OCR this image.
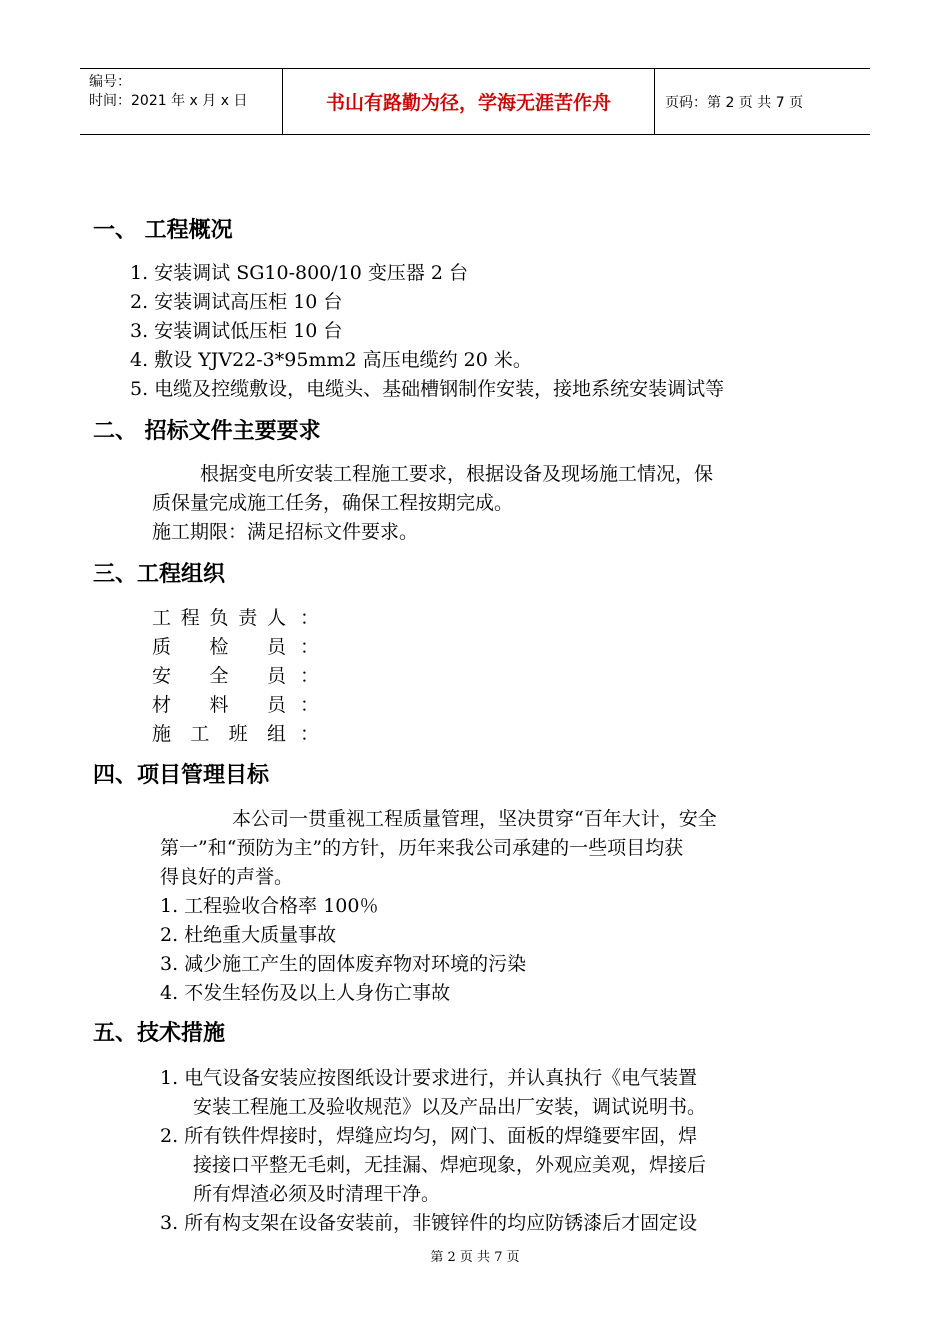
编号：
时间：2021 年 x 月 x 日	书山有路勤为径，学海无涯苦作舟	页码：第 2 页 共 7 页
一、 工程概况
1. 安装调试 SG10-800/10 变压器 2 台
2. 安装调试高压柜 10 台
3. 安装调试低压柜 10 台
4. 敷设 YJV22-3*95mm2 高压电缆约 20 米。
5. 电缆及控缆敷设，电缆头、基础槽钢制作安装，接地系统安装调试等
二、 招标文件主要要求
根据变电所安装工程施工要求，根据设备及现场施工情况，保
质保量完成施工任务，确保工程按期完成。
施工期限：满足招标文件要求。
三、工程组织
工程负责人 ：
质检员 ：
安全员 ：
材料员 ：
施工班组 ：
四、项目管理目标
本公司一贯重视工程质量管理，坚决贯穿“百年大计，安全
第一”和“预防为主”的方针，历年来我公司承建的一些项目均获
得良好的声誉。
1. 工程验收合格率 100％
2. 杜绝重大质量事故
3. 减少施工产生的固体废弃物对环境的污染
4. 不发生轻伤及以上人身伤亡事故
五、技术措施
1. 电气设备安装应按图纸设计要求进行，并认真执行《电气装置
安装工程施工及验收规范》以及产品出厂安装，调试说明书。
2. 所有铁件焊接时，焊缝应均匀，网门、面板的焊缝要牢固，焊
接接口平整无毛刺，无挂漏、焊疤现象，外观应美观，焊接后
所有焊渣必须及时清理干净。
3. 所有构支架在设备安装前，非镀锌件的均应防锈漆后才固定设
第 2 页 共 7 页
